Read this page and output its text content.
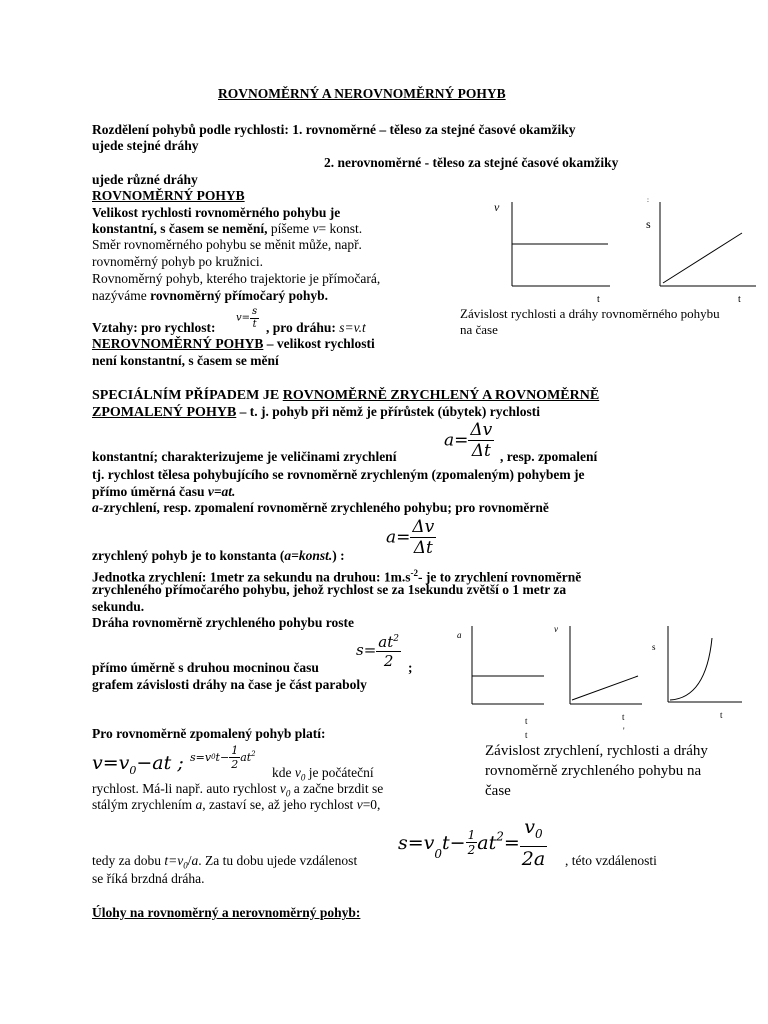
ROVNOMĚRNÝ A NEROVNOMĚRNÝ POHYB
Rozdělení pohybů podle rychlosti: 1. rovnoměrné – těleso za stejné časové okamžiky
ujede stejné dráhy
2. nerovnoměrné - těleso za stejné časové okamžiky
ujede různé dráhy
ROVNOMĚRNÝ POHYB
Velikost rychlosti rovnoměrného pohybu je
konstantní, s časem se nemění, píšeme v= konst.
Směr rovnoměrného pohybu se měnit může, např.
rovnoměrný pohyb po kružnici.
Rovnoměrný pohyb, kterého trajektorie je přímočará,
nazýváme rovnoměrný přímočarý pohyb.
Vztahy: pro rychlost:
$v= \frac{s}{t}$ , pro dráhu: s=v.t
NEROVNOMĚRNÝ POHYB – velikost rychlosti
není konstantní, s časem se mění
v
t
:
s
t
Závislost rychlosti a dráhy rovnoměrného pohybu
na čase
SPECIÁLNÍM PŘÍPADEM JE ROVNOMĚRNĚ ZRYCHLENÝ A ROVNOMĚRNĚ
ZPOMALENÝ POHYB – t. j. pohyb při němž je přírůstek (úbytek) rychlosti
$a= \frac{\Delta v}{\Delta t}$
konstantní; charakterizujeme je veličinami zrychlení	, resp. zpomalení
tj. rychlost tělesa pohybujícího se rovnoměrně zrychleným (zpomaleným) pohybem je
přímo úměrná času v=at.
a-zrychlení, resp. zpomalení rovnoměrně zrychleného pohybu; pro rovnoměrně
$a= \frac{\Delta v}{\Delta t}$
zrychlený pohyb je to konstanta (a=konst.) :
Jednotka zrychlení: 1metr za sekundu na druhou: $1m.s^{-2}-$ je to zrychlení rovnoměrně
zrychleného přímočarého pohybu, jehož rychlost se za 1sekundu zvětší o 1 metr za
sekundu.
Dráha rovnoměrně zrychleného pohybu roste
$s= \frac{at^2}{2}$
přímo úměrně s druhou mocninou času	;
grafem závislosti dráhy na čase je část paraboly
a
t
t
v
t
'
s
t
Závislost zrychlení, rychlosti a dráhy
rovnoměrně zrychleného pohybu na
čase
Pro rovnoměrně zpomalený pohyb platí:
$v=v_0-at$ ; $s=v0t- \frac{1}{2} at^2$
kde $v_0$ je počáteční
rychlost. Má-li např. auto rychlost $v_0$ a začne brzdit se
stálým zrychlením a, zastaví se, až jeho rychlost v=0,
$s=v_0t- \frac{1}{2} at^2= \frac{v_0}{2a}$
tedy za dobu $t=v_0/a$. Za tu dobu ujede vzdálenost	, této vzdálenosti
se říká brzdná dráha.
Úlohy na rovnoměrný a nerovnoměrný pohyb:
